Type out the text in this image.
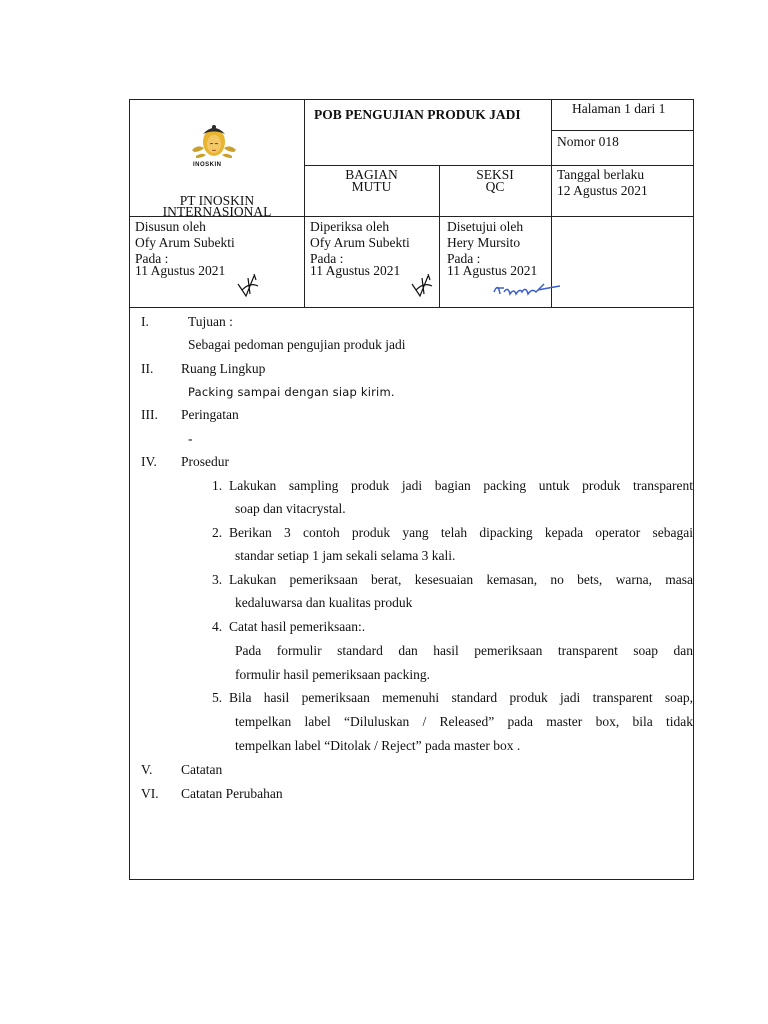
INOSKIN
PT INOSKIN
INTERNASIONAL
POB PENGUJIAN PRODUK JADI	Halaman 1 dari 1
Nomor 018
BAGIAN
MUTU
SEKSI
QC
Tanggal berlaku
12 Agustus 2021
Disusun oleh
Ofy Arum Subekti
Pada :
11 Agustus 2021
Diperiksa oleh
Ofy Arum Subekti
Pada :
11 Agustus 2021
Disetujui oleh
Hery Mursito
Pada :
11 Agustus 2021
I.	Tujuan :
Sebagai pedoman pengujian produk jadi
II. Ruang Lingkup
Packing sampai dengan siap kirim.
III. Peringatan
-
IV. Prosedur
1. Lakukan sampling produk jadi bagian packing untuk produk transparent
soap dan vitacrystal.
2. Berikan 3 contoh produk yang telah dipacking kepada operator sebagai
standar setiap 1 jam sekali selama 3 kali.
3. Lakukan pemeriksaan berat, kesesuaian kemasan, no bets, warna, masa
kedaluwarsa dan kualitas produk
4. Catat hasil pemeriksaan:.
Pada formulir standard dan hasil pemeriksaan transparent soap dan
formulir hasil pemeriksaan packing.
5. Bila hasil pemeriksaan memenuhi standard produk jadi transparent soap,
tempelkan label “Diluluskan / Released” pada master box, bila tidak
tempelkan label “Ditolak / Reject” pada master box .
V. Catatan
VI. Catatan Perubahan
